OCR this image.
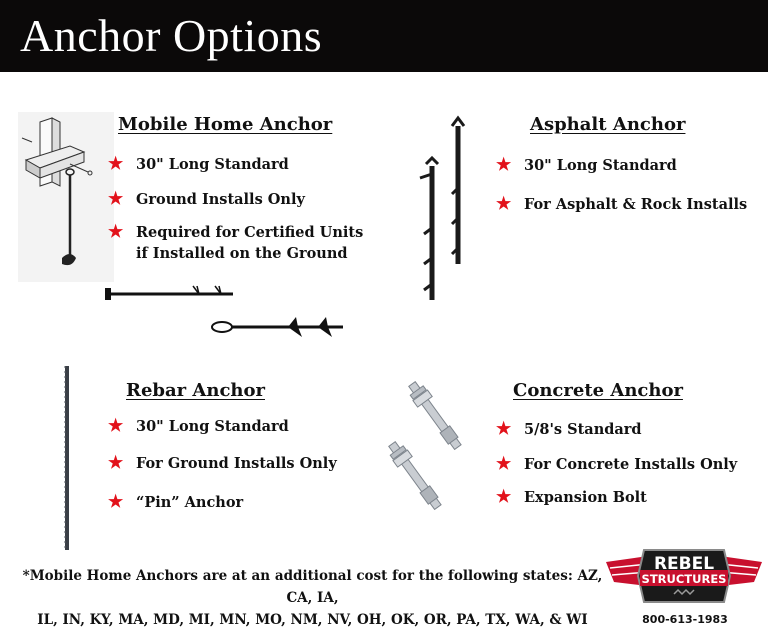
Anchor Options
Mobile Home Anchor
★ 30" Long Standard
★ Ground Installs Only
★ Required for Certified Units
if Installed on the Ground
Asphalt Anchor
★ 30" Long Standard
★ For Asphalt & Rock Installs
Rebar Anchor
★ 30" Long Standard
★ For Ground Installs Only
★ “Pin” Anchor
Concrete Anchor
★ 5/8's Standard
★ For Concrete Installs Only
★ Expansion Bolt
*Mobile Home Anchors are at an additional cost for the following states: AZ, CA, IA,
IL, IN, KY, MA, MD, MI, MN, MO, NM, NV, OH, OK, OR, PA, TX, WA, & WI
REBEL
STRUCTURES
800-613-1983
